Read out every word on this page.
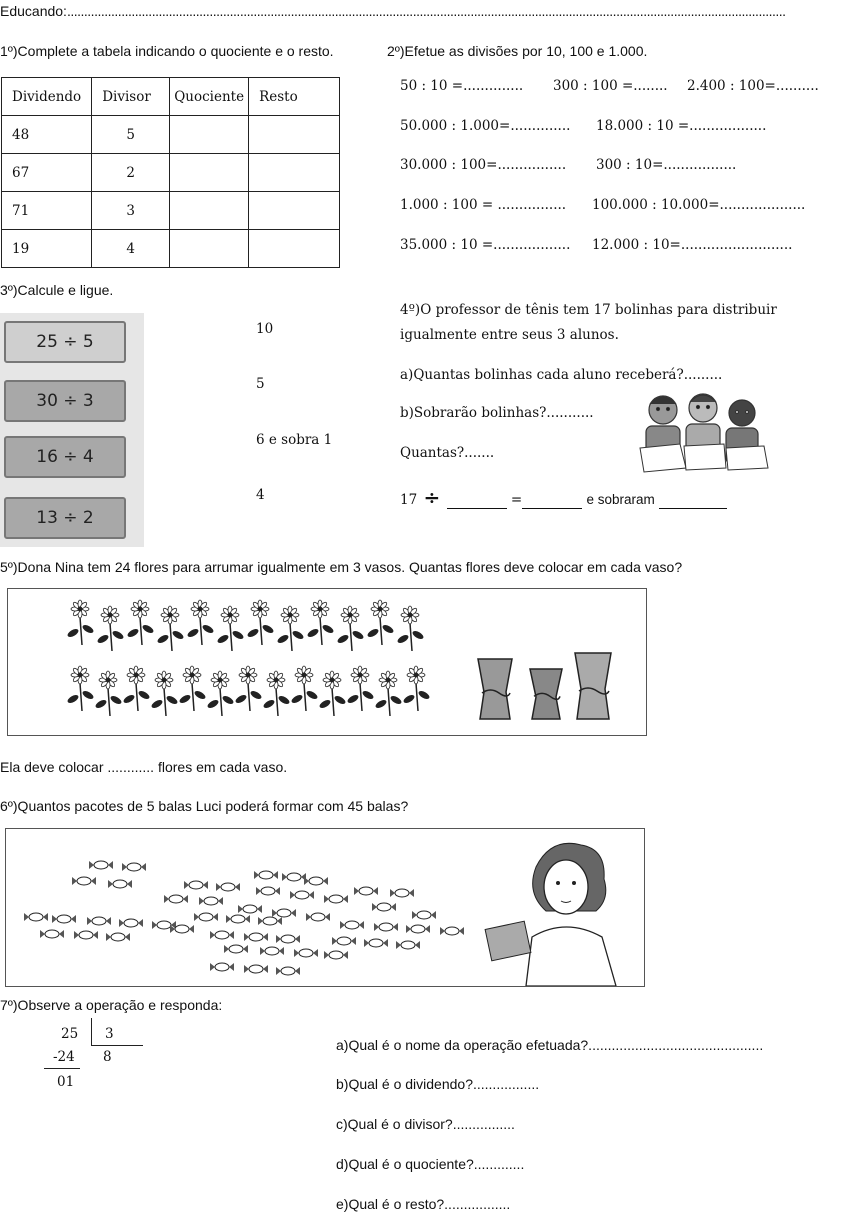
Educando:....................................................................................................................................................................................................................
1º)Complete a tabela indicando o quociente e o resto.
Dividendo	Divisor	Quociente	Resto
48	5		
67	2		
71	3		
19	4		
2º)Efetue as divisões por 10, 100 e 1.000.
50 : 10 =.............. 300 : 100 =........ 2.400 : 100=..........
50.000 : 1.000=.............. 18.000 : 10 =..................
30.000 : 100=................ 300 : 10=.................
1.000 : 100 = ................ 100.000 : 10.000=....................
35.000 : 10 =.................. 12.000 : 10=..........................
3º)Calcule e ligue.
25 ÷ 5
30 ÷ 3
16 ÷ 4
13 ÷ 2
10
5
6 e sobra 1
4
4º)O professor de tênis tem 17 bolinhas para distribuir
igualmente entre seus 3 alunos.
a)Quantas bolinhas cada aluno receberá?.........
b)Sobrarão bolinhas?...........
Quantas?.......
17 ÷	=	e sobraram
5º)Dona Nina tem 24 flores para arrumar igualmente em 3 vasos. Quantas flores deve colocar em cada vaso?
Ela deve colocar ............ flores em cada vaso.
6º)Quantos pacotes de 5 balas Luci poderá formar com 45 balas?
7º)Observe a operação e responda:
25 3
8
-24
01
a)Qual é o nome da operação efetuada?.............................................
b)Qual é o dividendo?.................
c)Qual é o divisor?................
d)Qual é o quociente?.............
e)Qual é o resto?.................
